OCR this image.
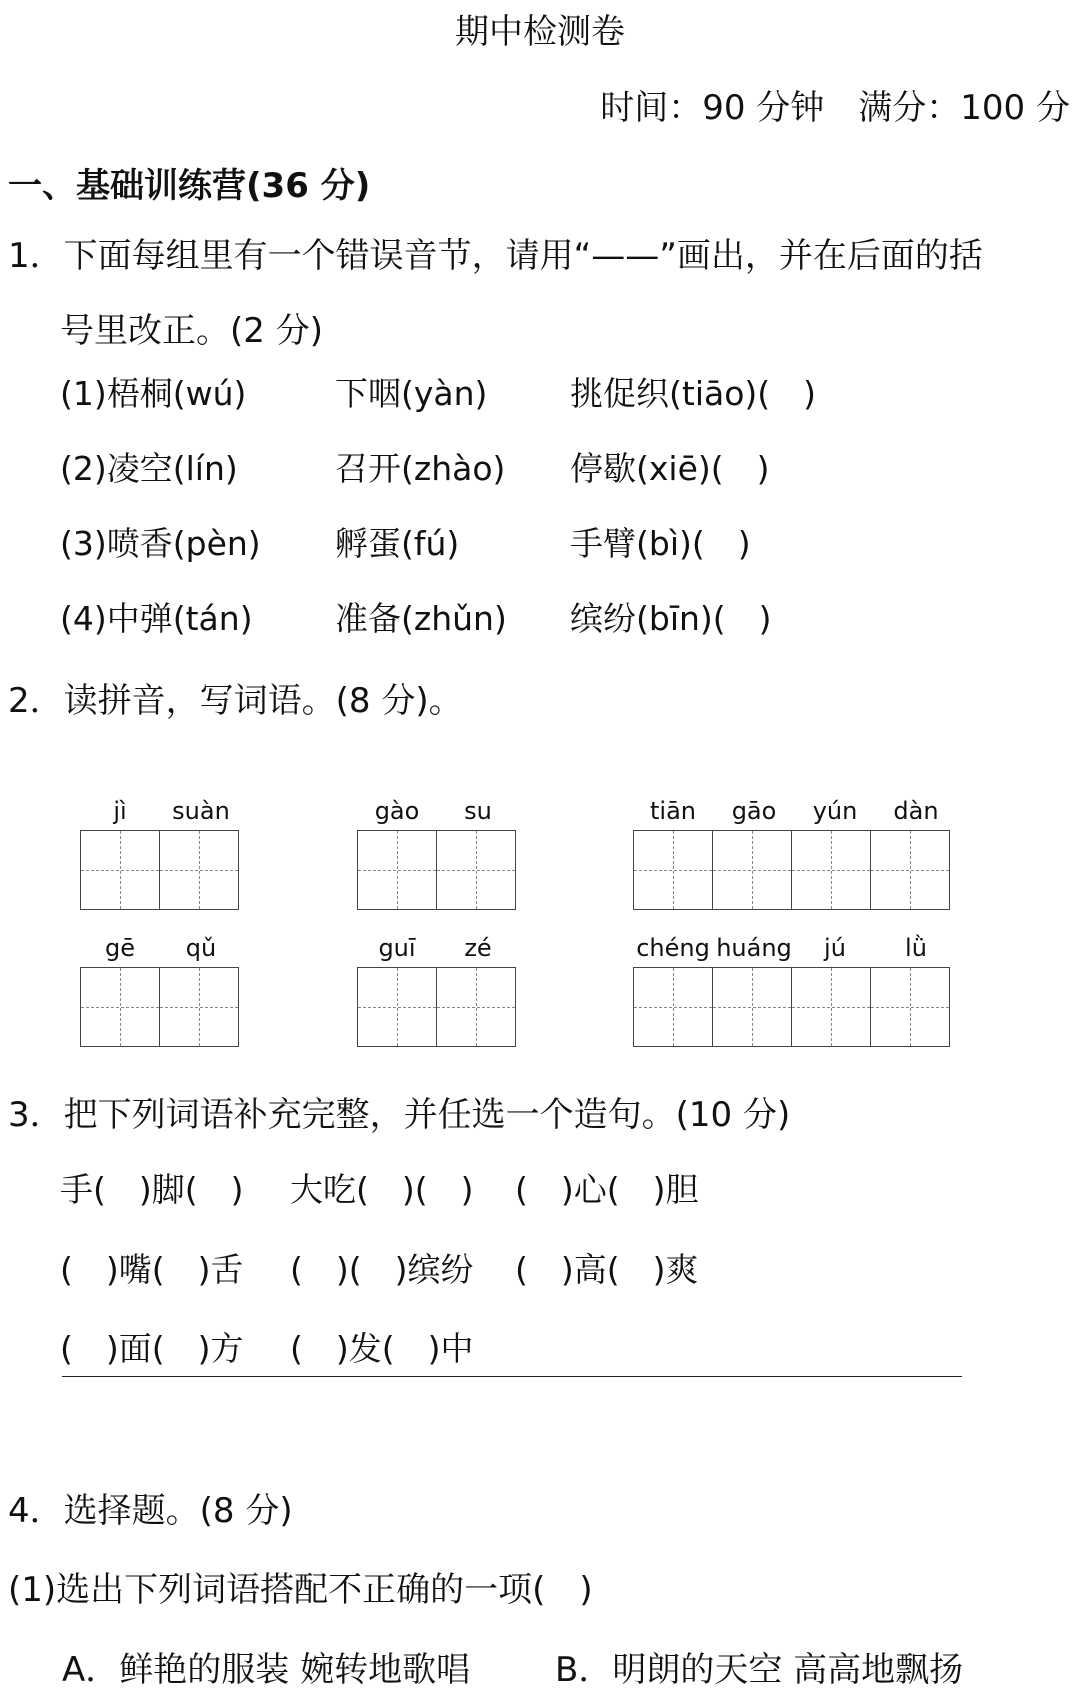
期中检测卷
时间：90 分钟　满分：100 分
一、基础训练营(36 分)
1．下面每组里有一个错误音节，请用“——”画出，并在后面的括
号里改正。(2 分)
(1)梧桐(wú)	下咽(yàn)	挑促织(tiāo)(　)
(2)凌空(lín)	召开(zhào) 停歇(xiē)(　)
(3)喷香(pèn) 孵蛋(fú)	手臂(bì)(　)
(4)中弹(tán) 准备(zhǔn) 缤纷(bīn)(　)
2．读拼音，写词语。(8 分)。
jì	suàn	gào	su	tiān	gāo	yún	dàn
gē	qǔ	guī	zé	chéng huáng	jú	lǜ
3．把下列词语补充完整，并任选一个造句。(10 分)
手(　)脚(　) 大吃(　)(　) (　)心(　)胆
(　)嘴(　)舌 (　)(　)缤纷 (　)高(　)爽
(　)面(　)方 (　)发(　)中
4．选择题。(8 分)
(1)选出下列词语搭配不正确的一项(　)
A．鲜艳的服装 婉转地歌唱 B．明朗的天空 高高地飘扬
